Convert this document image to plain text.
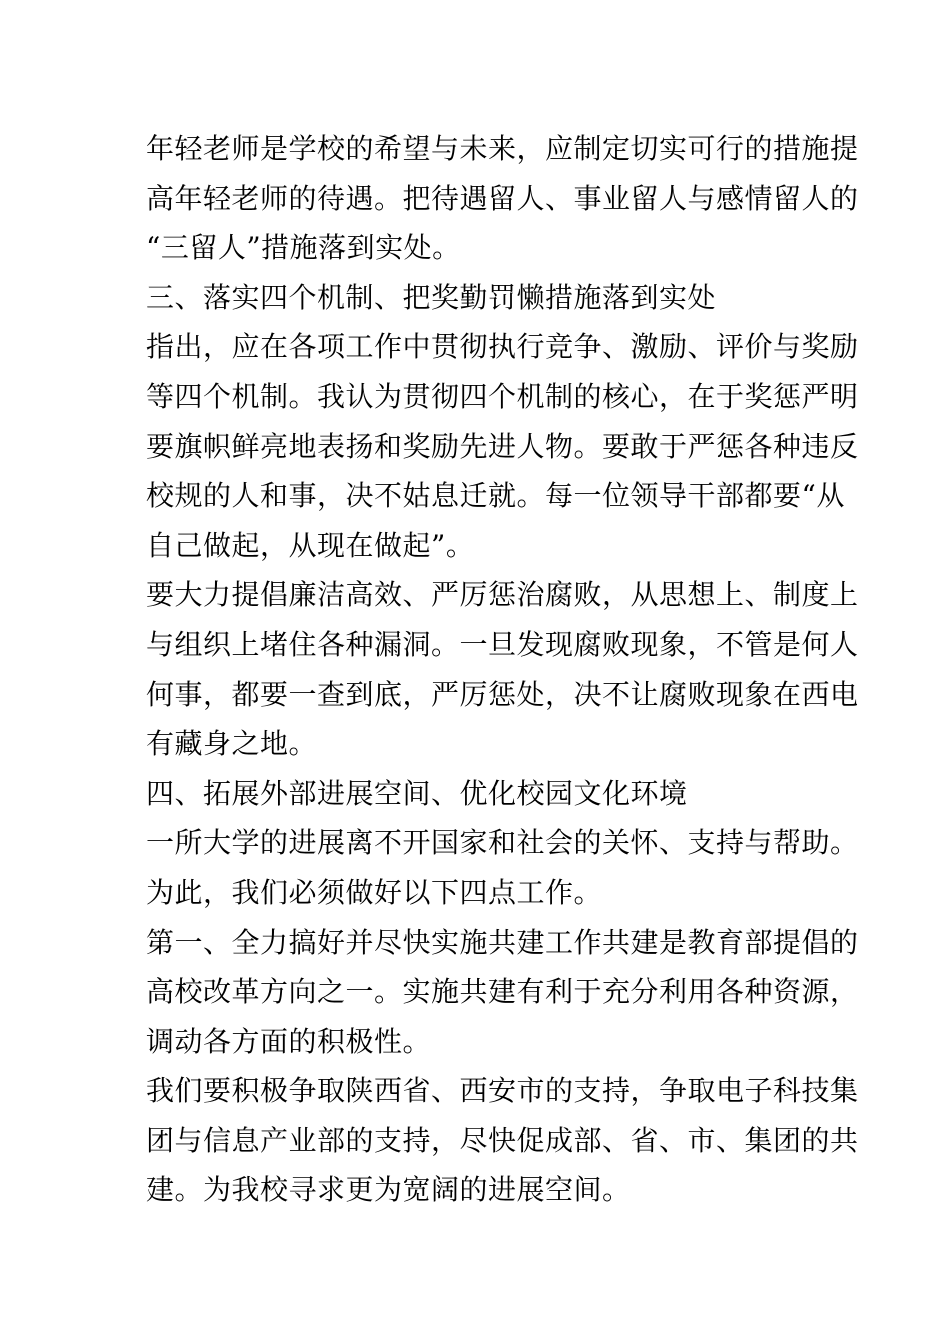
年轻老师是学校的希望与未来，应制定切实可行的措施提
高年轻老师的待遇。把待遇留人、事业留人与感情留人的
“三留人”措施落到实处。
三、落实四个机制、把奖勤罚懒措施落到实处
指出，应在各项工作中贯彻执行竞争、激励、评价与奖励
等四个机制。我认为贯彻四个机制的核心，在于奖惩严明
要旗帜鲜亮地表扬和奖励先进人物。要敢于严惩各种违反
校规的人和事，决不姑息迁就。每一位领导干部都要“从
自己做起，从现在做起”。
要大力提倡廉洁高效、严厉惩治腐败，从思想上、制度上
与组织上堵住各种漏洞。一旦发现腐败现象，不管是何人
何事，都要一查到底，严厉惩处，决不让腐败现象在西电
有藏身之地。
四、拓展外部进展空间、优化校园文化环境
一所大学的进展离不开国家和社会的关怀、支持与帮助。
为此，我们必须做好以下四点工作。
第一、全力搞好并尽快实施共建工作共建是教育部提倡的
高校改革方向之一。实施共建有利于充分利用各种资源，
调动各方面的积极性。
我们要积极争取陕西省、西安市的支持，争取电子科技集
团与信息产业部的支持，尽快促成部、省、市、集团的共
建。为我校寻求更为宽阔的进展空间。
